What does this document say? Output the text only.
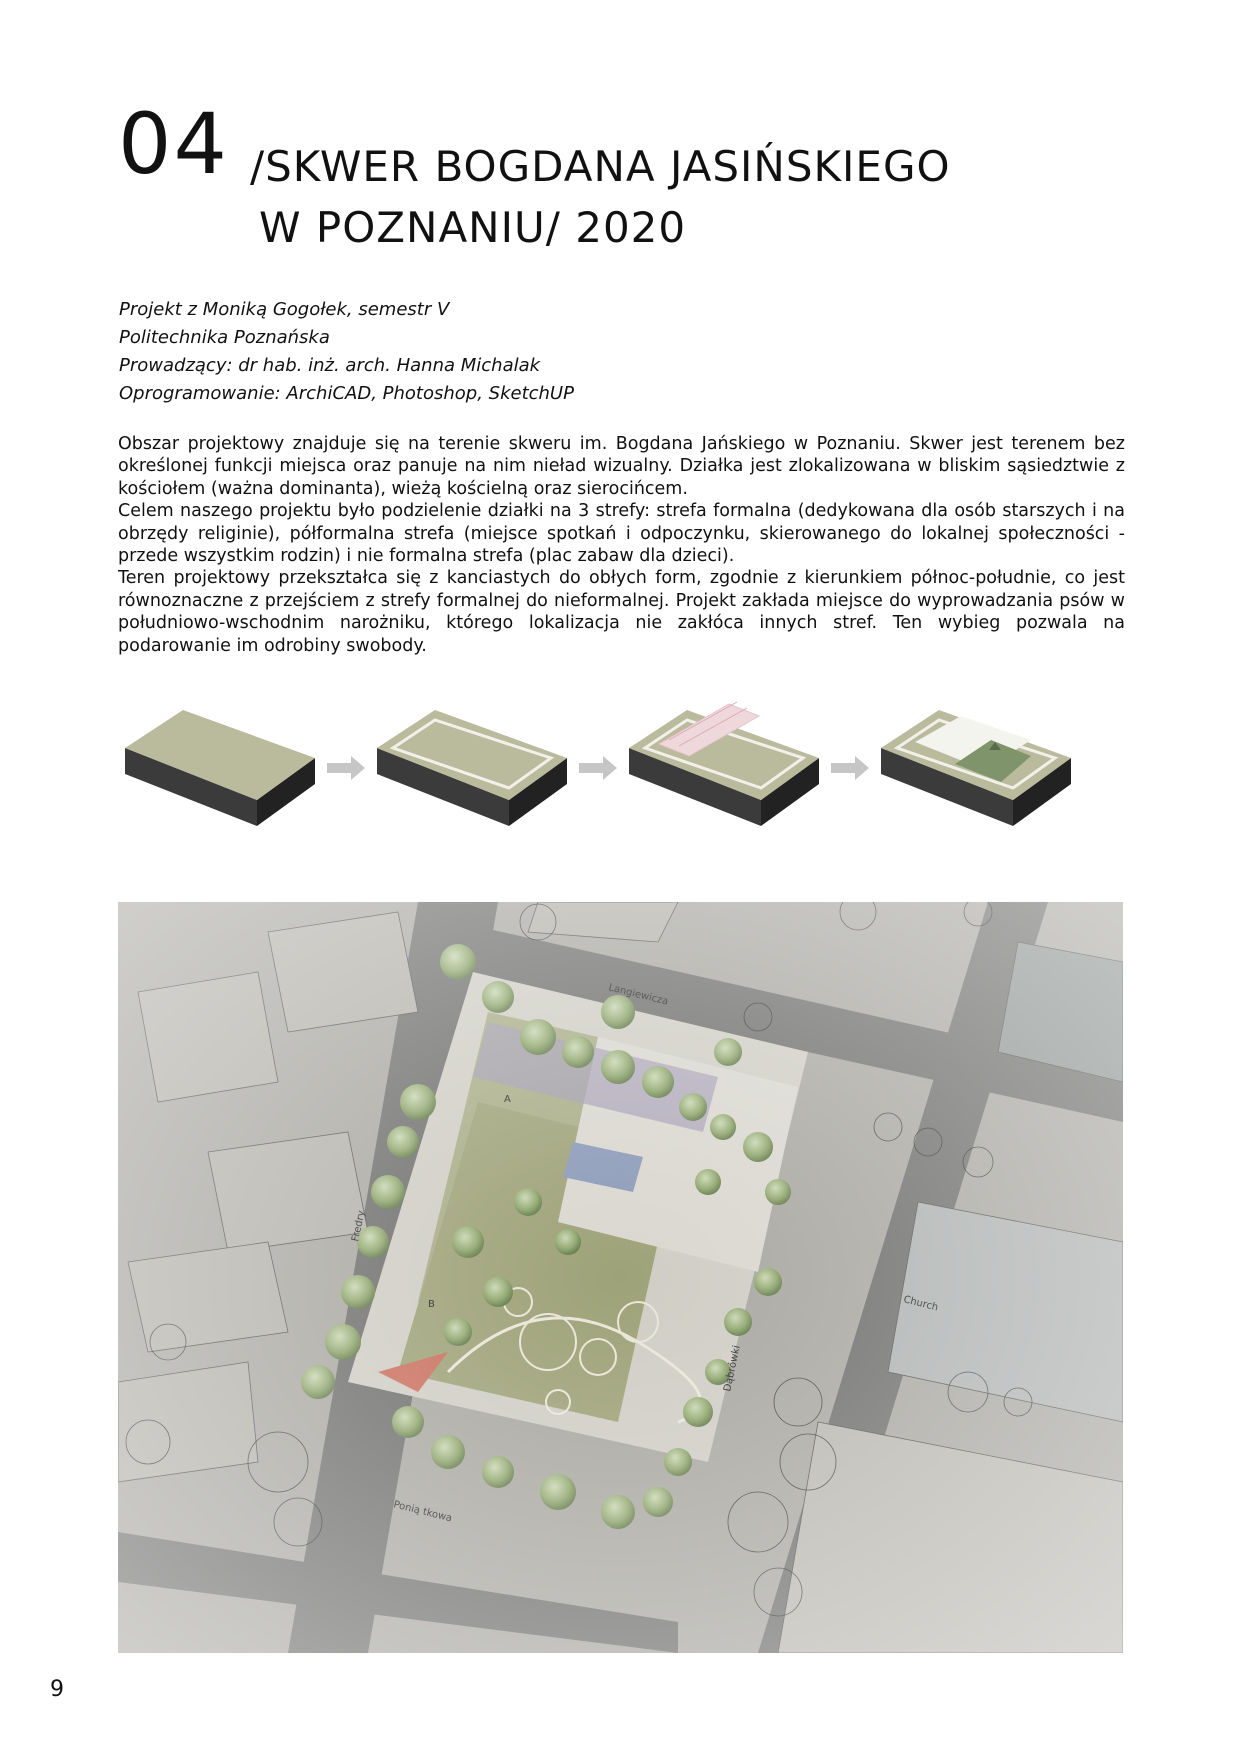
04 /SKWER BOGDANA JASIŃSKIEGO
W POZNANIU/ 2020
Projekt z Moniką Gogołek, semestr V
Politechnika Poznańska
Prowadzący: dr hab. inż. arch. Hanna Michalak
Oprogramowanie: ArchiCAD, Photoshop, SketchUP

Obszar projektowy znajduje się na terenie skweru im. Bogdana Jańskiego w Poznaniu. Skwer jest terenem bez określonej funkcji miejsca oraz panuje na nim nieład wizualny. Działka jest zlokalizowana w bliskim sąsiedztwie z kościołem (ważna dominanta), wieżą kościelną oraz sierocińcem.

Celem naszego projektu było podzielenie działki na 3 strefy: strefa formalna (dedykowana dla osób starszych i na obrzędy religinie), półformalna strefa (miejsce spotkań i odpoczynku, skierowanego do lokalnej społeczności - przede wszystkim rodzin) i nie formalna strefa (plac zabaw dla dzieci).

Teren projektowy przekształca się z kanciastych do obłych form, zgodnie z kierunkiem północ-południe, co jest równoznaczne z przejściem z strefy formalnej do nieformalnej. Projekt zakłada miejsce do wyprowadzania psów w południowo-wschodnim narożniku, którego lokalizacja nie zakłóca innych stref. Ten wybieg pozwala na podarowanie im odrobiny swobody.

9
